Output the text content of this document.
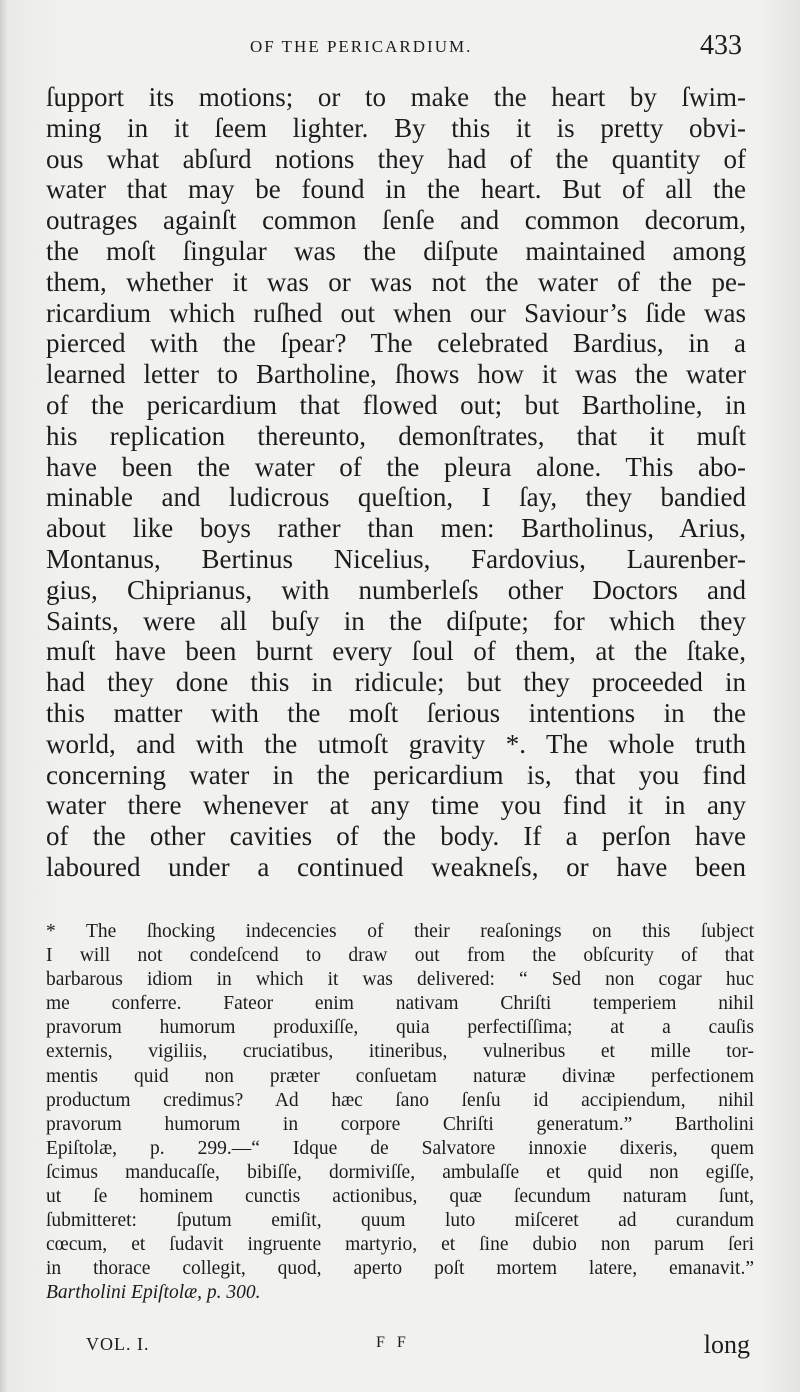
OF THE PERICARDIUM.	433
ſupport its motions; or to make the heart by ſwim-
ming in it ſeem lighter. By this it is pretty obvi-
ous what abſurd notions they had of the quantity of
water that may be found in the heart. But of all the
outrages againſt common ſenſe and common decorum,
the moſt ſingular was the diſpute maintained among
them, whether it was or was not the water of the pe-
ricardium which ruſhed out when our Saviour’s ſide was
pierced with the ſpear? The celebrated Bardius, in a
learned letter to Bartholine, ſhows how it was the water
of the pericardium that flowed out; but Bartholine, in
his replication thereunto, demonſtrates, that it muſt
have been the water of the pleura alone. This abo-
minable and ludicrous queſtion, I ſay, they bandied
about like boys rather than men: Bartholinus, Arius,
Montanus, Bertinus Nicelius, Fardovius, Laurenber-
gius, Chiprianus, with numberleſs other Doctors and
Saints, were all buſy in the diſpute; for which they
muſt have been burnt every ſoul of them, at the ſtake,
had they done this in ridicule; but they proceeded in
this matter with the moſt ſerious intentions in the
world, and with the utmoſt gravity *. The whole truth
concerning water in the pericardium is, that you find
water there whenever at any time you find it in any
of the other cavities of the body. If a perſon have
laboured under a continued weakneſs, or have been
* The ſhocking indecencies of their reaſonings on this ſubject
I will not condeſcend to draw out from the obſcurity of that
barbarous idiom in which it was delivered: “ Sed non cogar huc
me conferre. Fateor enim nativam Chriſti temperiem nihil
pravorum humorum produxiſſe, quia perfectiſſima; at a cauſis
externis, vigiliis, cruciatibus, itineribus, vulneribus et mille tor-
mentis quid non præter conſuetam naturæ divinæ perfectionem
productum credimus? Ad hæc ſano ſenſu id accipiendum, nihil
pravorum humorum in corpore Chriſti generatum.” Bartholini
Epiſtolæ, p. 299.—“ Idque de Salvatore innoxie dixeris, quem
ſcimus manducaſſe, bibiſſe, dormiviſſe, ambulaſſe et quid non egiſſe,
ut ſe hominem cunctis actionibus, quæ ſecundum naturam ſunt,
ſubmitteret: ſputum emiſit, quum luto miſceret ad curandum
cœcum, et ſudavit ingruente martyrio, et ſine dubio non parum ſeri
in thorace collegit, quod, aperto poſt mortem latere, emanavit.”
Bartholini Epiſtolæ, p. 300.
VOL. I.	F F	long
